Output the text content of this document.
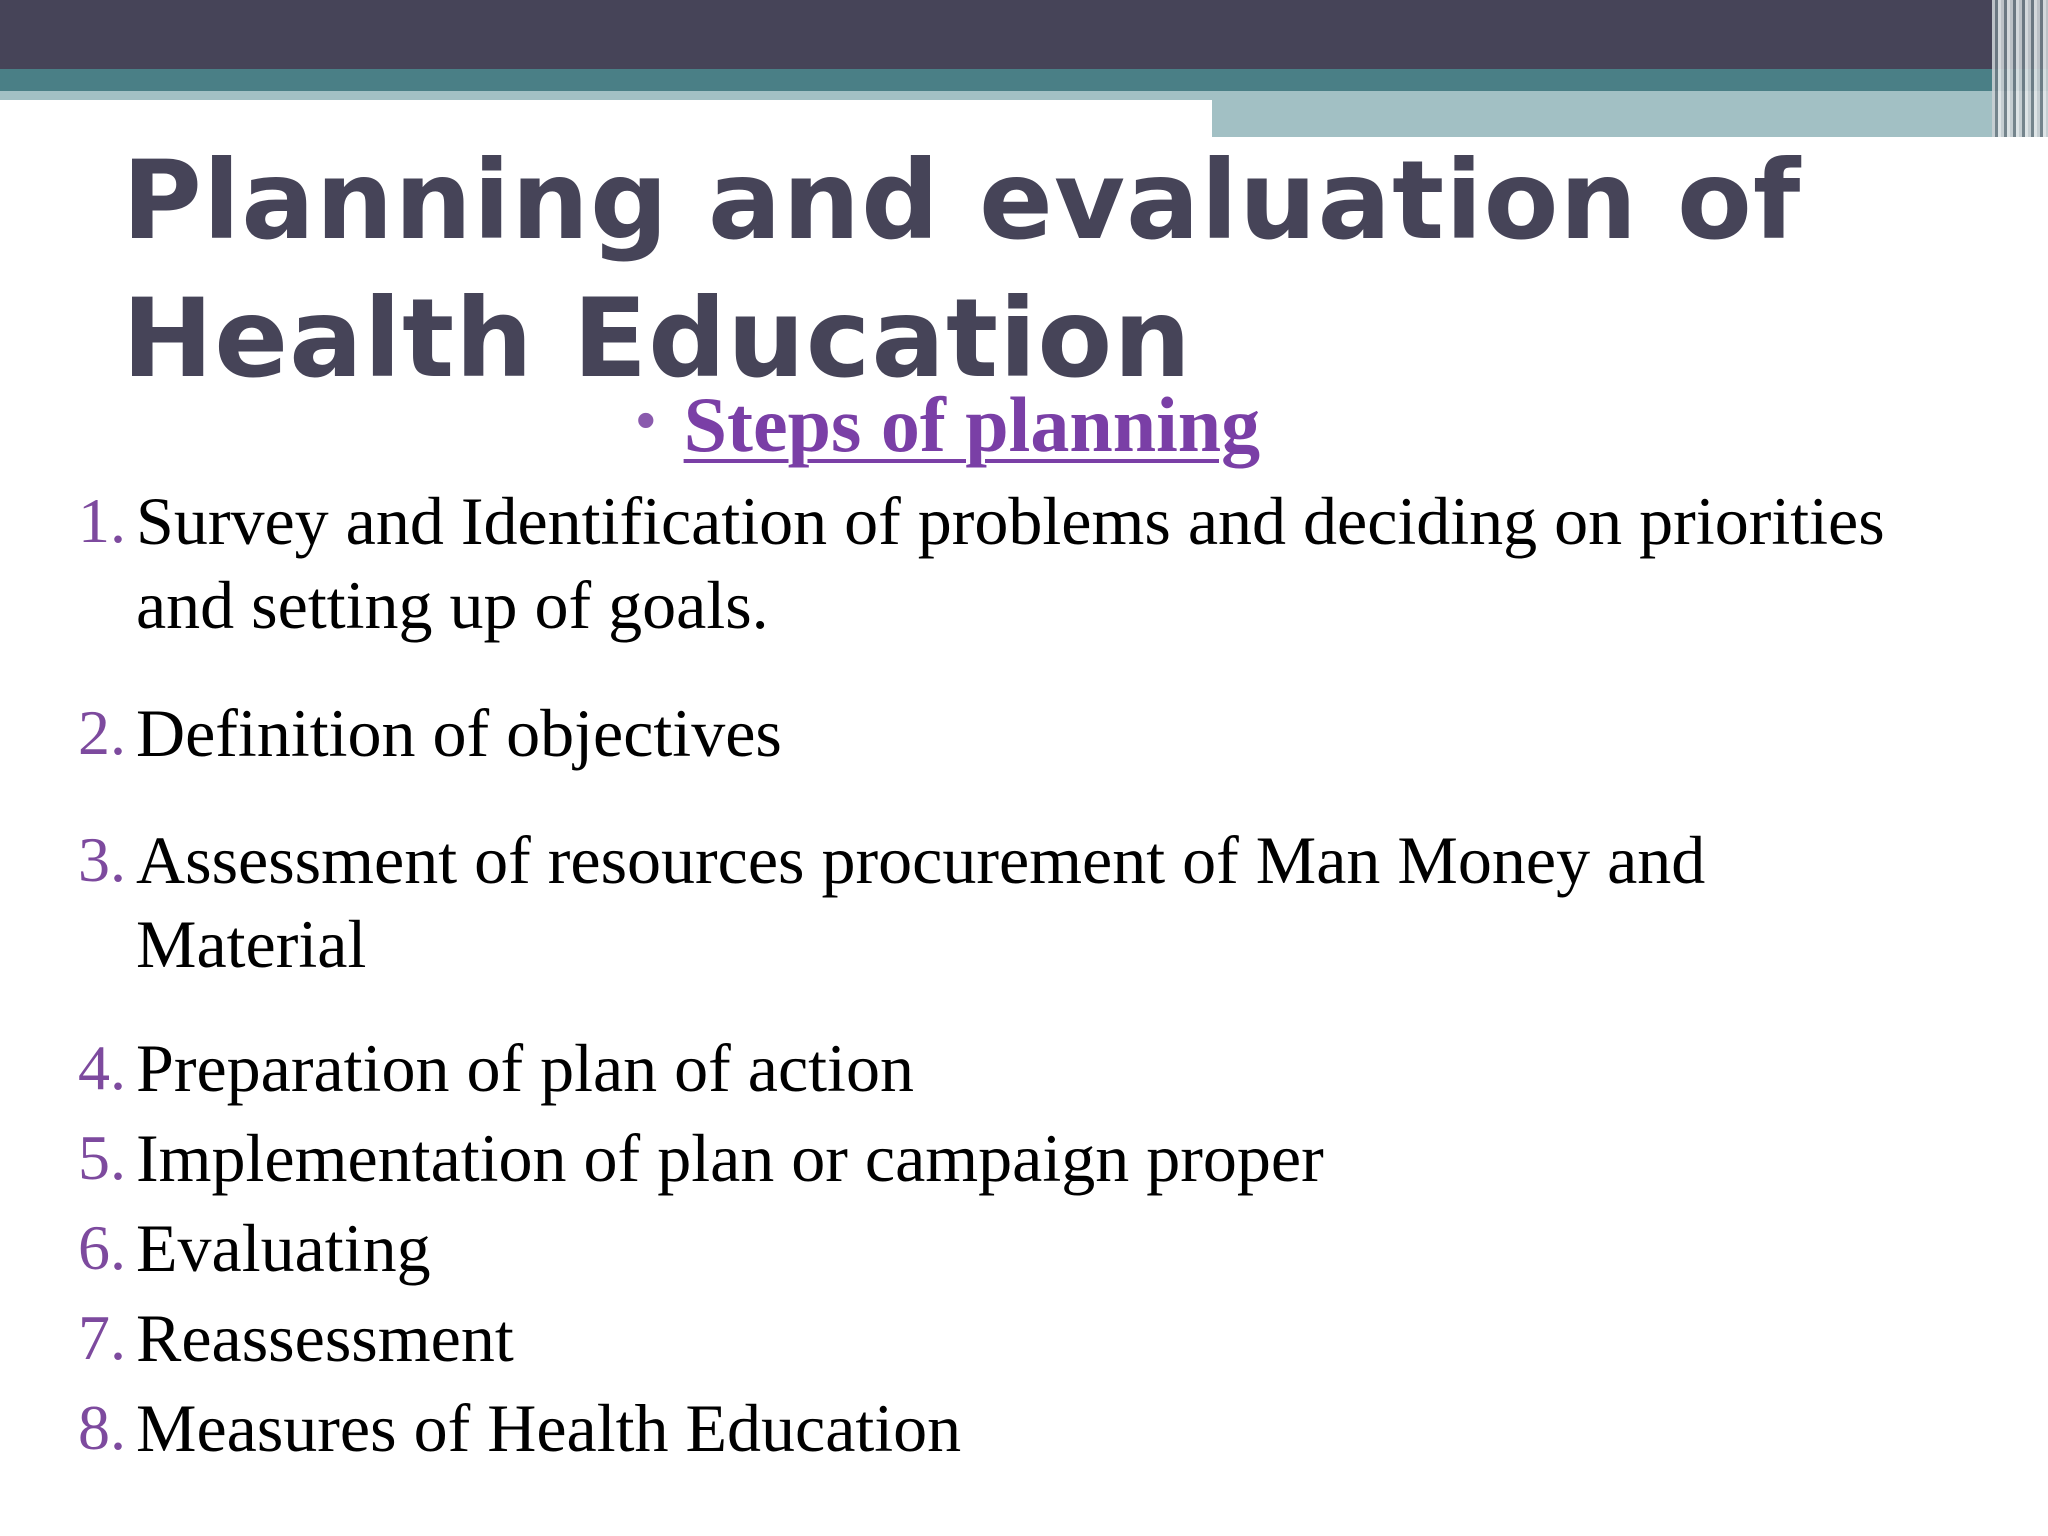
Planning and evaluation of Health Education
• Steps of planning
1. Survey and Identification of problems and deciding on priorities and setting up of goals.
2. Definition of objectives
3. Assessment of resources procurement of Man Money and Material
4. Preparation of plan of action
5. Implementation of plan or campaign proper
6. Evaluating
7. Reassessment
8. Measures of Health Education
